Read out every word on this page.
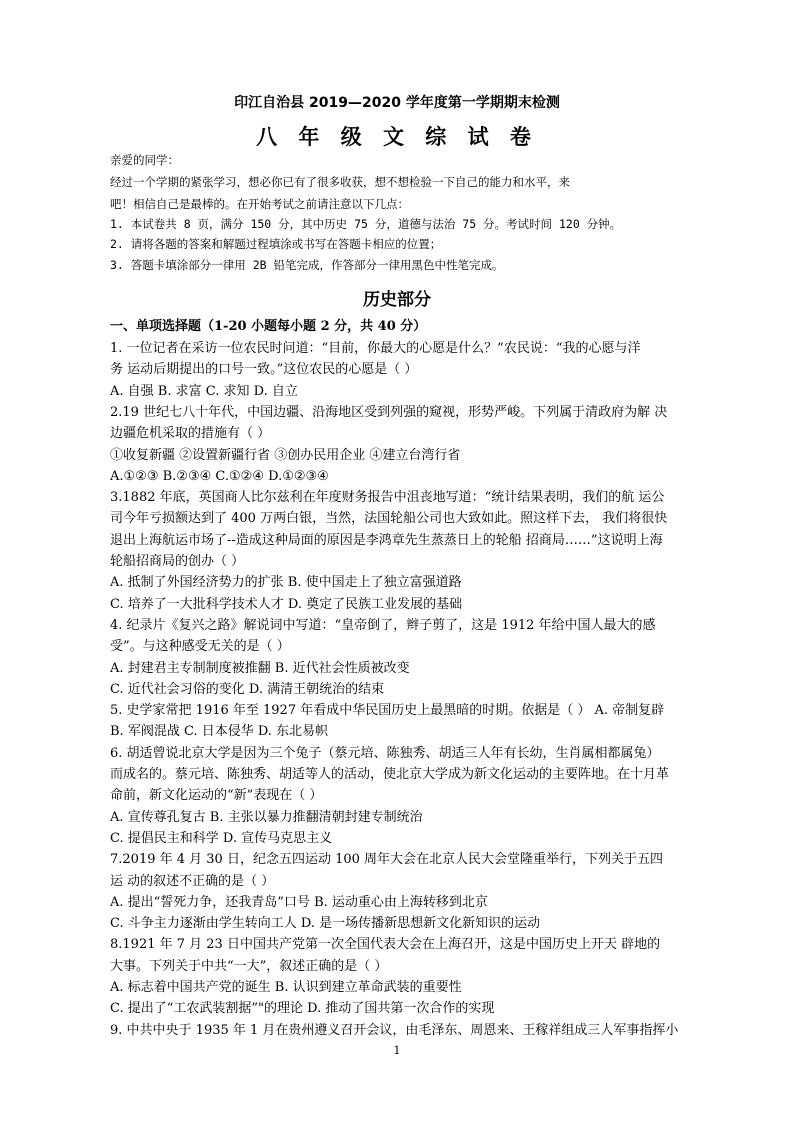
印江自治县 2019—2020 学年度第一学期期末检测
八 年 级 文 综 试 卷
亲爱的同学：
经过一个学期的紧张学习，想必你已有了很多收获，想不想检验一下自己的能力和水平，来
吧！相信自己是最棒的。在开始考试之前请注意以下几点：
1. 本试卷共 8 页，满分 150 分，其中历史 75 分，道德与法治 75 分。考试时间 120 分钟。
2. 请将各题的答案和解题过程填涂或书写在答题卡相应的位置；
3. 答题卡填涂部分一律用 2B 铅笔完成，作答部分一律用黑色中性笔完成。
历史部分
一、单项选择题（1-20 小题每小题 2 分，共 40 分）
1. 一位记者在采访一位农民时问道：“目前，你最大的心愿是什么？”农民说：“我的心愿与洋
务 运动后期提出的口号一致。”这位农民的心愿是（ ）
A. 自强 B. 求富 C. 求知 D. 自立
2.19 世纪七八十年代，中国边疆、沿海地区受到列强的窥视，形势严峻。下列属于清政府为解 决
边疆危机采取的措施有（ ）
①收复新疆 ②设置新疆行省 ③创办民用企业 ④建立台湾行省
A.①②③ B.②③④ C.①②④ D.①②③④
3.1882 年底，英国商人比尔兹利在年度财务报告中沮丧地写道：“统计结果表明，我们的航 运公
司今年亏损额达到了 400 万两白银，当然，法国轮船公司也大致如此。照这样下去， 我们将很快
退出上海航运市场了--造成这种局面的原因是李鸿章先生蒸蒸日上的轮船 招商局……”这说明上海
轮船招商局的创办（ ）
A. 抵制了外国经济势力的扩张 B. 使中国走上了独立富强道路
C. 培养了一大批科学技术人才 D. 奠定了民族工业发展的基础
4. 纪录片《复兴之路》解说词中写道：“皇帝倒了，辫子剪了，这是 1912 年给中国人最大的感
受”。与这种感受无关的是（ ）
A. 封建君主专制制度被推翻 B. 近代社会性质被改变
C. 近代社会习俗的变化 D. 满清王朝统治的结束
5. 史学家常把 1916 年至 1927 年看成中华民国历史上最黑暗的时期。依据是（ ） A. 帝制复辟
B. 军阀混战 C. 日本侵华 D. 东北易帜
6. 胡适曾说北京大学是因为三个兔子（蔡元培、陈独秀、胡适三人年有长幼，生肖属相都属兔）
而成名的。蔡元培、陈独秀、胡适等人的活动，使北京大学成为新文化运动的主要阵地。在十月革
命前，新文化运动的“新”表现在（ ）
A. 宣传尊孔复古 B. 主张以暴力推翻清朝封建专制统治
C. 提倡民主和科学 D. 宣传马克思主义
7.2019 年 4 月 30 日，纪念五四运动 100 周年大会在北京人民大会堂隆重举行，下列关于五四
运 动的叙述不正确的是（ ）
A. 提出“誓死力争，还我青岛”口号 B. 运动重心由上海转移到北京
C. 斗争主力逐渐由学生转向工人 D. 是一场传播新思想新文化新知识的运动
8.1921 年 7 月 23 日中国共产党第一次全国代表大会在上海召开，这是中国历史上开天 辟地的
大事。下列关于中共“一大”，叙述正确的是（ ）
A. 标志着中国共产党的诞生 B. 认识到建立革命武装的重要性
C. 提出了“工农武装割据”"的理论 D. 推动了国共第一次合作的实现
9. 中共中央于 1935 年 1 月在贵州遵义召开会议，由毛泽东、周恩来、王稼祥组成三人军事指挥小
1
